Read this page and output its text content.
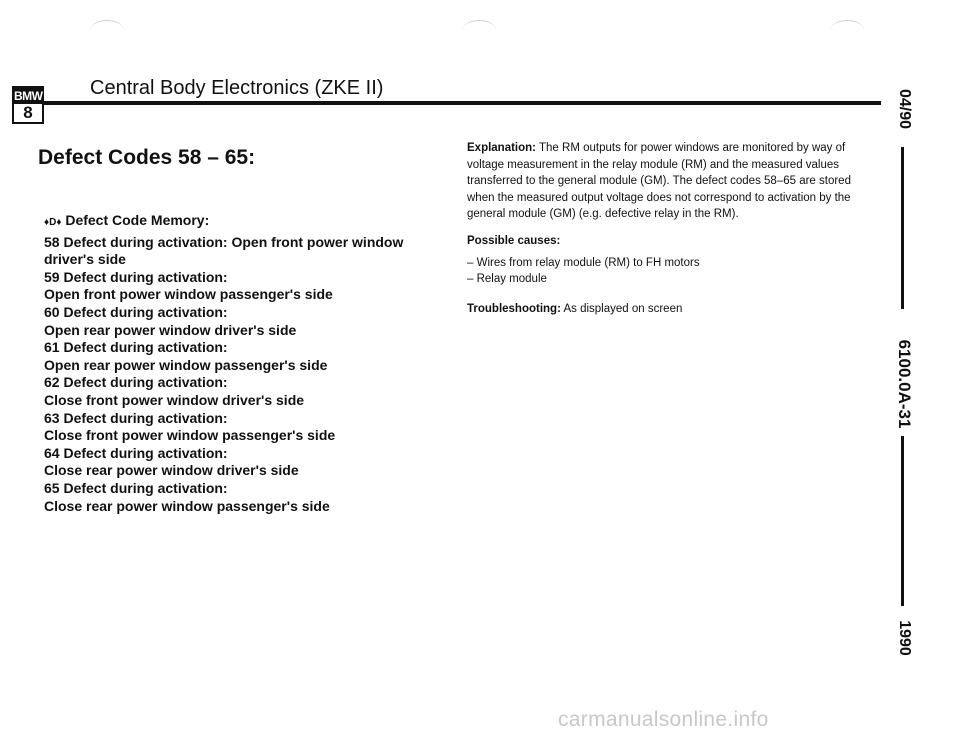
BMW
8
Central Body Electronics (ZKE II)
Defect Codes 58 – 65:

♦D♦ Defect Code Memory:

58 Defect during activation: Open front power window

driver's side

59 Defect during activation:

Open front power window passenger's side

60 Defect during activation:

Open rear power window driver's side

61 Defect during activation:

Open rear power window passenger's side

62 Defect during activation:

Close front power window driver's side

63 Defect during activation:

Close front power window passenger's side

64 Defect during activation:

Close rear power window driver's side

65 Defect during activation:

Close rear power window passenger's side

Explanation: The RM outputs for power windows are monitored by way of voltage measurement in the relay module (RM) and the measured values transferred to the general module (GM). The defect codes 58–65 are stored when the measured output voltage does not correspond to activation by the general module (GM) (e.g. defective relay in the RM).
Possible causes:
– Wires from relay module (RM) to FH motors
– Relay module
Troubleshooting: As displayed on screen
04/90
6100.0A-31
1990
carmanualsonline.info
